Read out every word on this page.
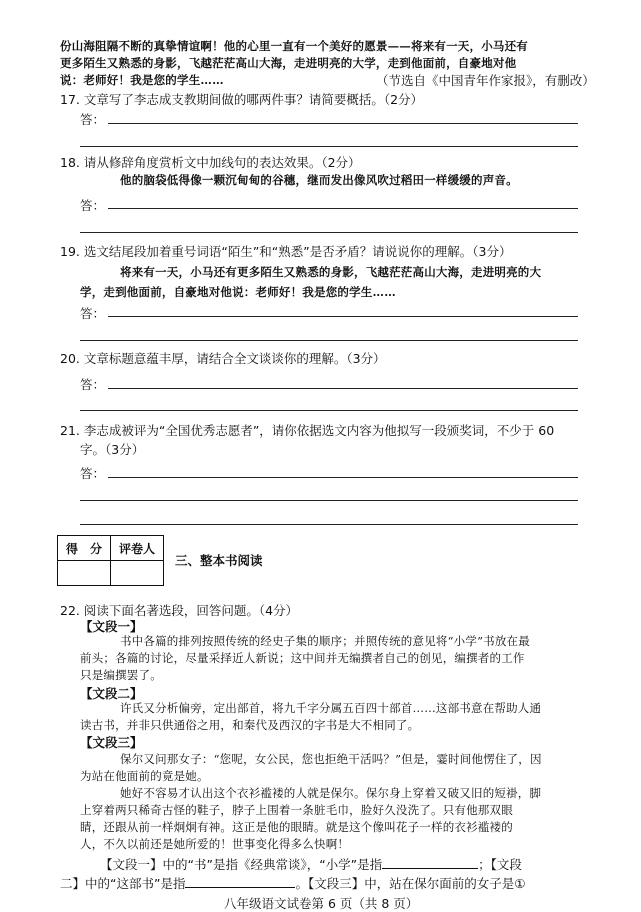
份山海阻隔不断的真挚情谊啊！他的心里一直有一个美好的愿景——将来有一天，小马还有
更多陌生又熟悉的身影，飞越茫茫高山大海，走进明亮的大学，走到他面前，自豪地对他
说：老师好！我是您的学生……	（节选自《中国青年作家报》，有删改）
17. 文章写了李志成支教期间做的哪两件事？请简要概括。（2分）
答：
18. 请从修辞角度赏析文中加线句的表达效果。（2分）
他的脑袋低得像一颗沉甸甸的谷穗，继而发出像风吹过稻田一样缓缓的声音。
答：
19. 选文结尾段加着重号词语“陌生”和“熟悉”是否矛盾？请说说你的理解。（3分）
将来有一天，小马还有更多陌生又熟悉的身影，飞越茫茫高山大海，走进明亮的大
学，走到他面前，自豪地对他说：老师好！我是您的学生……
答：
20. 文章标题意蕴丰厚，请结合全文谈谈你的理解。（3分）
答：
21. 李志成被评为“全国优秀志愿者”，请你依据选文内容为他拟写一段颁奖词，不少于 60
字。（3分）
答：
得　分	评卷人

三、整本书阅读
22. 阅读下面名著选段，回答问题。（4分）
【文段一】
书中各篇的排列按照传统的经史子集的顺序；并照传统的意见将“小学”书放在最
前头；各篇的讨论，尽量采择近人新说；这中间并无编撰者自己的创见，编撰者的工作
只是编撰罢了。
【文段二】
许氏又分析偏旁，定出部首，将九千字分属五百四十部首……这部书意在帮助人通
读古书，并非只供通俗之用，和秦代及西汉的字书是大不相同了。
【文段三】
保尔又问那女子：“您呢，女公民，您也拒绝干活吗？”但是，霎时间他愣住了，因
为站在他面前的竟是她。
她好不容易才认出这个衣衫褴褛的人就是保尔。保尔身上穿着又破又旧的短褂，脚
上穿着两只稀奇古怪的鞋子，脖子上围着一条脏毛巾，脸好久没洗了。只有他那双眼
睛，还跟从前一样炯炯有神。这正是他的眼睛。就是这个像叫花子一样的衣衫褴褛的
人，不久以前还是她所爱的！世事变化得多么快啊！
【文段一】中的“书”是指《经典常谈》，“小学”是指	；【文段
二】中的“这部书”是指	。【文段三】中，站在保尔面前的女子是①
八年级语文试卷第 6 页（共 8 页）
